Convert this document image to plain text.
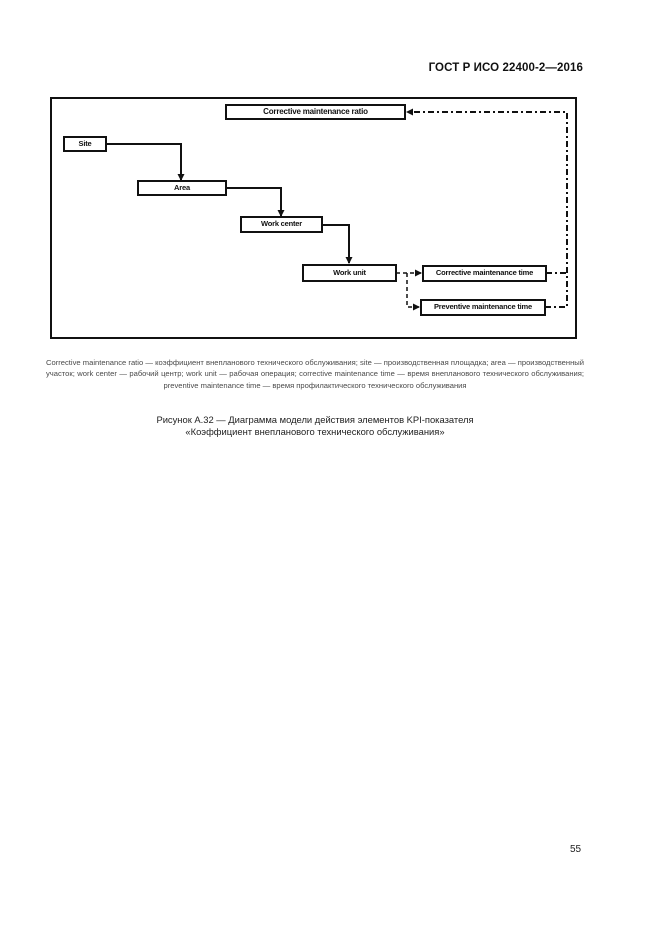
ГОСТ Р ИСО 22400-2—2016
Corrective maintenance ratio
Site
Area
Work center
Work unit	Corrective maintenance time
Preventive maintenance time
Corrective maintenance ratio — коэффициент внепланового технического обслуживания; site — производственная площадка; area — производственный участок; work center — рабочий центр; work unit — рабочая операция; corrective maintenance time — время внепланового технического обслуживания; preventive maintenance time — время профилактического технического обслуживания
Рисунок А.32 — Диаграмма модели действия элементов KPI-показателя
«Коэффициент внепланового технического обслуживания»
55
